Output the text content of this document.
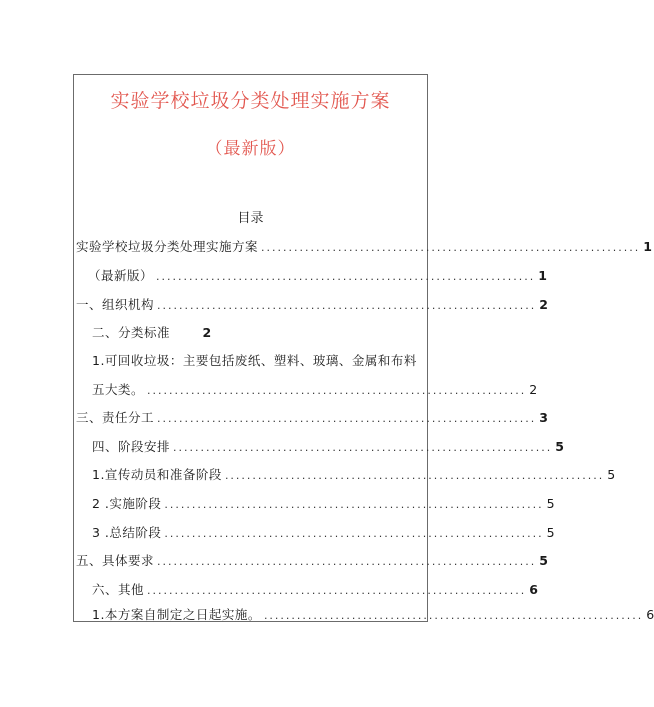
实验学校垃圾分类处理实施方案
（最新版）
目录
实验学校垃圾分类处理实施方案 ..................................................................... 1
（最新版） ..................................................................... 1
一、组织机构 ..................................................................... 2
二、分类标准	2
1.可回收垃圾：主要包括废纸、塑料、玻璃、金属和布料
五大类。 ..................................................................... 2
三、责任分工 ..................................................................... 3
四、阶段安排 ..................................................................... 5
1.宣传动员和准备阶段 ..................................................................... 5
2 .实施阶段 ..................................................................... 5
3 .总结阶段 ..................................................................... 5
五、具体要求 ..................................................................... 5
六、其他 ..................................................................... 6
1.本方案自制定之日起实施。 ..................................................................... 6
